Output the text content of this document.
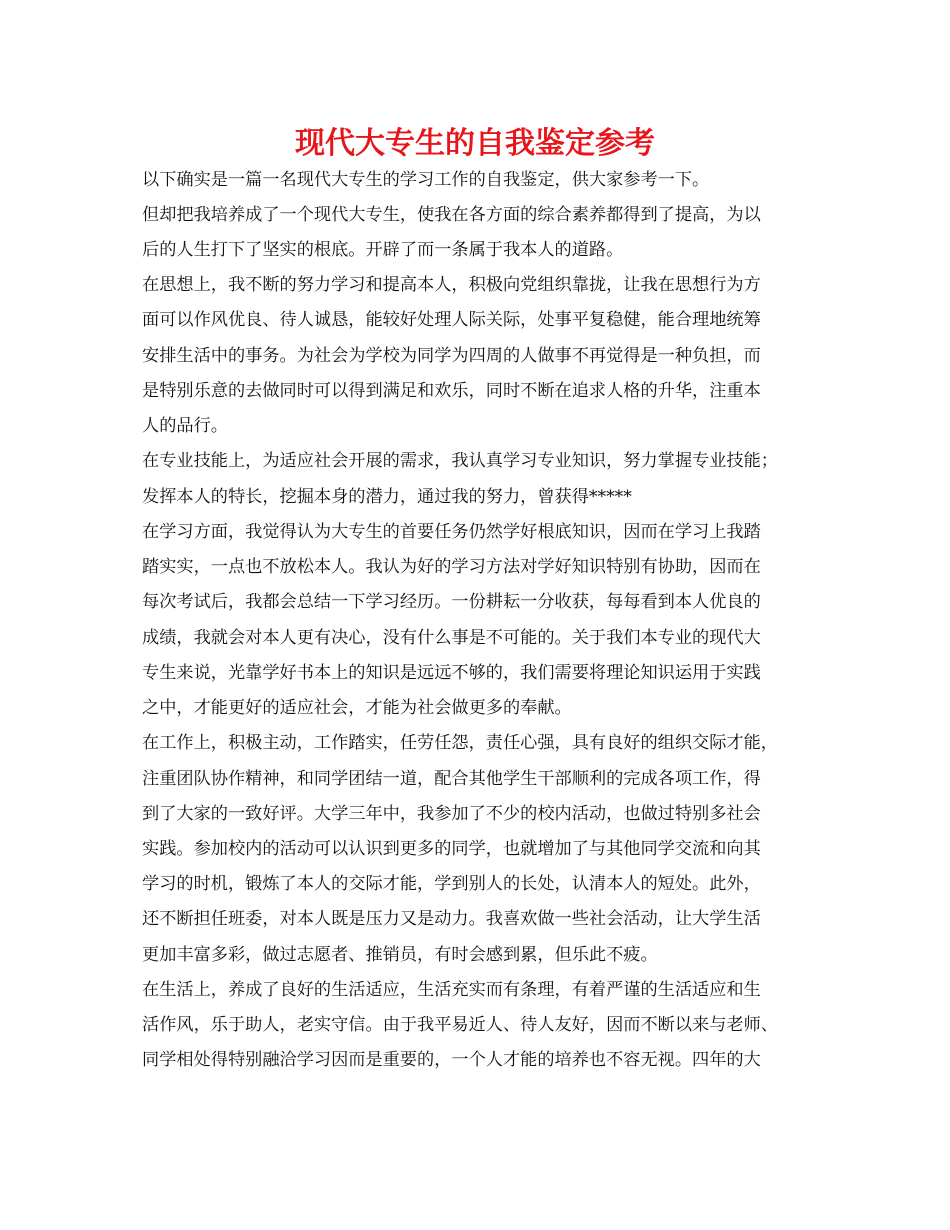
现代大专生的自我鉴定参考

以下确实是一篇一名现代大专生的学习工作的自我鉴定，供大家参考一下。

但却把我培养成了一个现代大专生，使我在各方面的综合素养都得到了提高，为以

后的人生打下了坚实的根底。开辟了而一条属于我本人的道路。

在思想上，我不断的努力学习和提高本人，积极向党组织靠拢，让我在思想行为方

面可以作风优良、待人诚恳，能较好处理人际关际，处事平复稳健，能合理地统筹

安排生活中的事务。为社会为学校为同学为四周的人做事不再觉得是一种负担，而

是特别乐意的去做同时可以得到满足和欢乐，同时不断在追求人格的升华，注重本

人的品行。

在专业技能上，为适应社会开展的需求，我认真学习专业知识，努力掌握专业技能；

发挥本人的特长，挖掘本身的潜力，通过我的努力，曾获得*****

在学习方面，我觉得认为大专生的首要任务仍然学好根底知识，因而在学习上我踏

踏实实，一点也不放松本人。我认为好的学习方法对学好知识特别有协助，因而在

每次考试后，我都会总结一下学习经历。一份耕耘一分收获，每每看到本人优良的

成绩，我就会对本人更有决心，没有什么事是不可能的。关于我们本专业的现代大

专生来说，光靠学好书本上的知识是远远不够的，我们需要将理论知识运用于实践

之中，才能更好的适应社会，才能为社会做更多的奉献。

在工作上，积极主动，工作踏实，任劳任怨，责任心强，具有良好的组织交际才能，

注重团队协作精神，和同学团结一道，配合其他学生干部顺利的完成各项工作，得

到了大家的一致好评。大学三年中，我参加了不少的校内活动，也做过特别多社会

实践。参加校内的活动可以认识到更多的同学，也就增加了与其他同学交流和向其

学习的时机，锻炼了本人的交际才能，学到别人的长处，认清本人的短处。此外，

还不断担任班委，对本人既是压力又是动力。我喜欢做一些社会活动，让大学生活

更加丰富多彩，做过志愿者、推销员，有时会感到累，但乐此不疲。

在生活上，养成了良好的生活适应，生活充实而有条理，有着严谨的生活适应和生

活作风，乐于助人，老实守信。由于我平易近人、待人友好，因而不断以来与老师、

同学相处得特别融洽学习因而是重要的，一个人才能的培养也不容无视。四年的大
